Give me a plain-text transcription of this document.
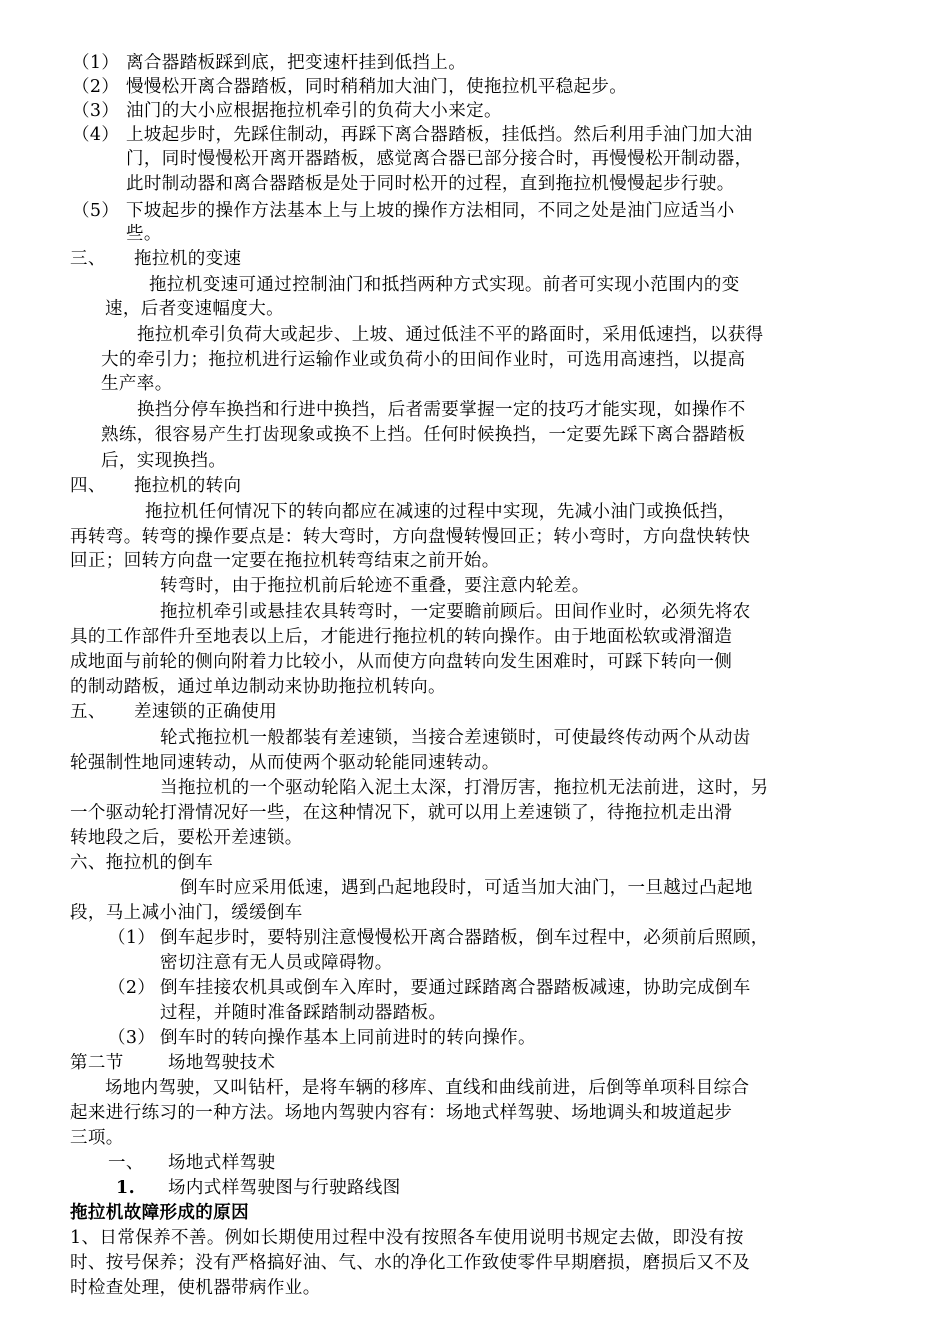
（1） 离合器踏板踩到底，把变速杆挂到低挡上。
（2） 慢慢松开离合器踏板，同时稍稍加大油门，使拖拉机平稳起步。
（3） 油门的大小应根据拖拉机牵引的负荷大小来定。
（4） 上坡起步时，先踩住制动，再踩下离合器踏板，挂低挡。然后利用手油门加大油
门，同时慢慢松开离开器踏板，感觉离合器已部分接合时，再慢慢松开制动器，
此时制动器和离合器踏板是处于同时松开的过程，直到拖拉机慢慢起步行驶。
（5） 下坡起步的操作方法基本上与上坡的操作方法相同，不同之处是油门应适当小
些。
三、 拖拉机的变速
拖拉机变速可通过控制油门和抵挡两种方式实现。前者可实现小范围内的变
速，后者变速幅度大。
拖拉机牵引负荷大或起步、上坡、通过低洼不平的路面时，采用低速挡，以获得
大的牵引力；拖拉机进行运输作业或负荷小的田间作业时，可选用高速挡，以提高
生产率。
换挡分停车换挡和行进中换挡，后者需要掌握一定的技巧才能实现，如操作不
熟练，很容易产生打齿现象或换不上挡。任何时候换挡，一定要先踩下离合器踏板
后，实现换挡。
四、 拖拉机的转向
拖拉机任何情况下的转向都应在减速的过程中实现，先减小油门或换低挡，
再转弯。转弯的操作要点是：转大弯时，方向盘慢转慢回正；转小弯时，方向盘快转快
回正；回转方向盘一定要在拖拉机转弯结束之前开始。
转弯时，由于拖拉机前后轮迹不重叠，要注意内轮差。
拖拉机牵引或悬挂农具转弯时，一定要瞻前顾后。田间作业时，必须先将农
具的工作部件升至地表以上后，才能进行拖拉机的转向操作。由于地面松软或滑溜造
成地面与前轮的侧向附着力比较小，从而使方向盘转向发生困难时，可踩下转向一侧
的制动踏板，通过单边制动来协助拖拉机转向。
五、 差速锁的正确使用
轮式拖拉机一般都装有差速锁，当接合差速锁时，可使最终传动两个从动齿
轮强制性地同速转动，从而使两个驱动轮能同速转动。
当拖拉机的一个驱动轮陷入泥土太深，打滑厉害，拖拉机无法前进，这时，另
一个驱动轮打滑情况好一些，在这种情况下，就可以用上差速锁了，待拖拉机走出滑
转地段之后，要松开差速锁。
六、拖拉机的倒车
倒车时应采用低速，遇到凸起地段时，可适当加大油门，一旦越过凸起地
段，马上减小油门，缓缓倒车
（1） 倒车起步时，要特别注意慢慢松开离合器踏板，倒车过程中，必须前后照顾，
密切注意有无人员或障碍物。
（2） 倒车挂接农机具或倒车入库时，要通过踩踏离合器踏板减速，协助完成倒车
过程，并随时准备踩踏制动器踏板。
（3） 倒车时的转向操作基本上同前进时的转向操作。
第二节	场地驾驶技术
场地内驾驶，又叫钻杆，是将车辆的移库、直线和曲线前进，后倒等单项科目综合
起来进行练习的一种方法。场地内驾驶内容有：场地式样驾驶、场地调头和坡道起步
三项。
一、 场地式样驾驶
1. 场内式样驾驶图与行驶路线图
拖拉机故障形成的原因
1、日常保养不善。例如长期使用过程中没有按照各车使用说明书规定去做，即没有按
时、按号保养；没有严格搞好油、气、水的净化工作致使零件早期磨损，磨损后又不及
时检查处理，使机器带病作业。
